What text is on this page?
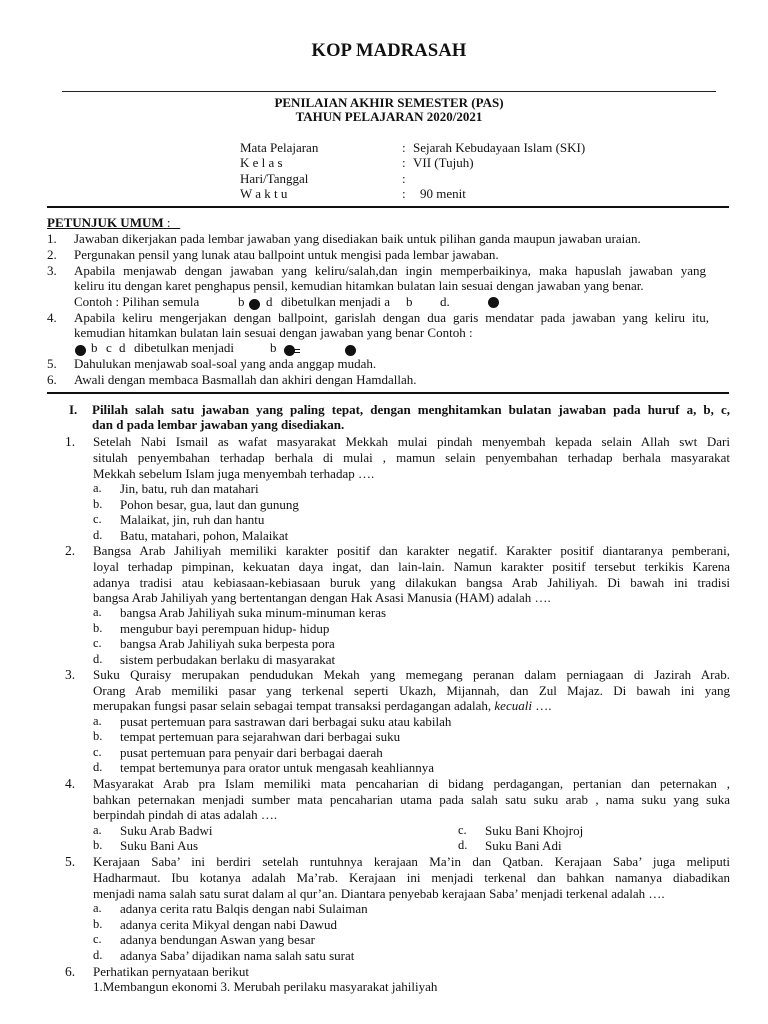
KOP MADRASAH
PENILAIAN AKHIR SEMESTER (PAS)
TAHUN PELAJARAN 2020/2021
Mata Pelajaran	: Sejarah Kebudayaan Islam (SKI)
K e l a s	: VII (Tujuh)
Hari/Tanggal	:
W a k t u	: 90 menit
PETUNJUK UMUM :
1. Jawaban dikerjakan pada lembar jawaban yang disediakan baik untuk pilihan ganda maupun jawaban uraian.
2. Pergunakan pensil yang lunak atau ballpoint untuk mengisi pada lembar jawaban.
3. Apabila menjawab dengan jawaban yang keliru/salah,dan ingin memperbaikinya, maka hapuslah jawaban yang
keliru itu dengan karet penghapus pensil, kemudian hitamkan bulatan lain sesuai dengan jawaban yang benar.
Contoh : Pilihan semula	b d dibetulkan menjadi a b d.
4. Apabila keliru mengerjakan dengan ballpoint, garislah dengan dua garis mendatar pada jawaban yang keliru itu,
kemudian hitamkan bulatan lain sesuai dengan jawaban yang benar Contoh :
b c d dibetulkan menjadi	b
5. Dahulukan menjawab soal-soal yang anda anggap mudah.
6. Awali dengan membaca Basmallah dan akhiri dengan Hamdallah.
I. Pililah salah satu jawaban yang paling tepat, dengan menghitamkan bulatan jawaban pada huruf a, b, c,
dan d pada lembar jawaban yang disediakan.
1. Setelah Nabi Ismail as wafat masyarakat Mekkah mulai pindah menyembah kepada selain Allah swt Dari
situlah penyembahan terhadap berhala di mulai , mamun selain penyembahan terhadap berhala masyarakat
Mekkah sebelum Islam juga menyembah terhadap ….
a. Jin, batu, ruh dan matahari
b. Pohon besar, gua, laut dan gunung
c. Malaikat, jin, ruh dan hantu
d. Batu, matahari, pohon, Malaikat
2. Bangsa Arab Jahiliyah memiliki karakter positif dan karakter negatif. Karakter positif diantaranya pemberani,
loyal terhadap pimpinan, kekuatan daya ingat, dan lain-lain. Namun karakter positif tersebut terkikis Karena
adanya tradisi atau kebiasaan-kebiasaan buruk yang dilakukan bangsa Arab Jahiliyah. Di bawah ini tradisi
bangsa Arab Jahiliyah yang bertentangan dengan Hak Asasi Manusia (HAM) adalah ….
a. bangsa Arab Jahiliyah suka minum-minuman keras
b. mengubur bayi perempuan hidup- hidup
c. bangsa Arab Jahiliyah suka berpesta pora
d. sistem perbudakan berlaku di masyarakat
3. Suku Quraisy merupakan pendudukan Mekah yang memegang peranan dalam perniagaan di Jazirah Arab.
Orang Arab memiliki pasar yang terkenal seperti Ukazh, Mijannah, dan Zul Majaz. Di bawah ini yang
merupakan fungsi pasar selain sebagai tempat transaksi perdagangan adalah, kecuali ….
a. pusat pertemuan para sastrawan dari berbagai suku atau kabilah
b. tempat pertemuan para sejarahwan dari berbagai suku
c. pusat pertemuan para penyair dari berbagai daerah
d. tempat bertemunya para orator untuk mengasah keahliannya
4. Masyarakat Arab pra Islam memiliki mata pencaharian di bidang perdagangan, pertanian dan peternakan ,
bahkan peternakan menjadi sumber mata pencaharian utama pada salah satu suku arab , nama suku yang suka
berpindah pindah di atas adalah ….
a. Suku Arab Badwi	c. Suku Bani Khojroj
b. Suku Bani Aus	d. Suku Bani Adi
5. Kerajaan Saba’ ini berdiri setelah runtuhnya kerajaan Ma’in dan Qatban. Kerajaan Saba’ juga meliputi
Hadharmaut. Ibu kotanya adalah Ma’rab. Kerajaan ini menjadi terkenal dan bahkan namanya diabadikan
menjadi nama salah satu surat dalam al qur’an. Diantara penyebab kerajaan Saba’ menjadi terkenal adalah ….
a. adanya cerita ratu Balqis dengan nabi Sulaiman
b. adanya cerita Mikyal dengan nabi Dawud
c. adanya bendungan Aswan yang besar
d. adanya Saba’ dijadikan nama salah satu surat
6. Perhatikan pernyataan berikut
1.Membangun ekonomi 3. Merubah perilaku masyarakat jahiliyah
